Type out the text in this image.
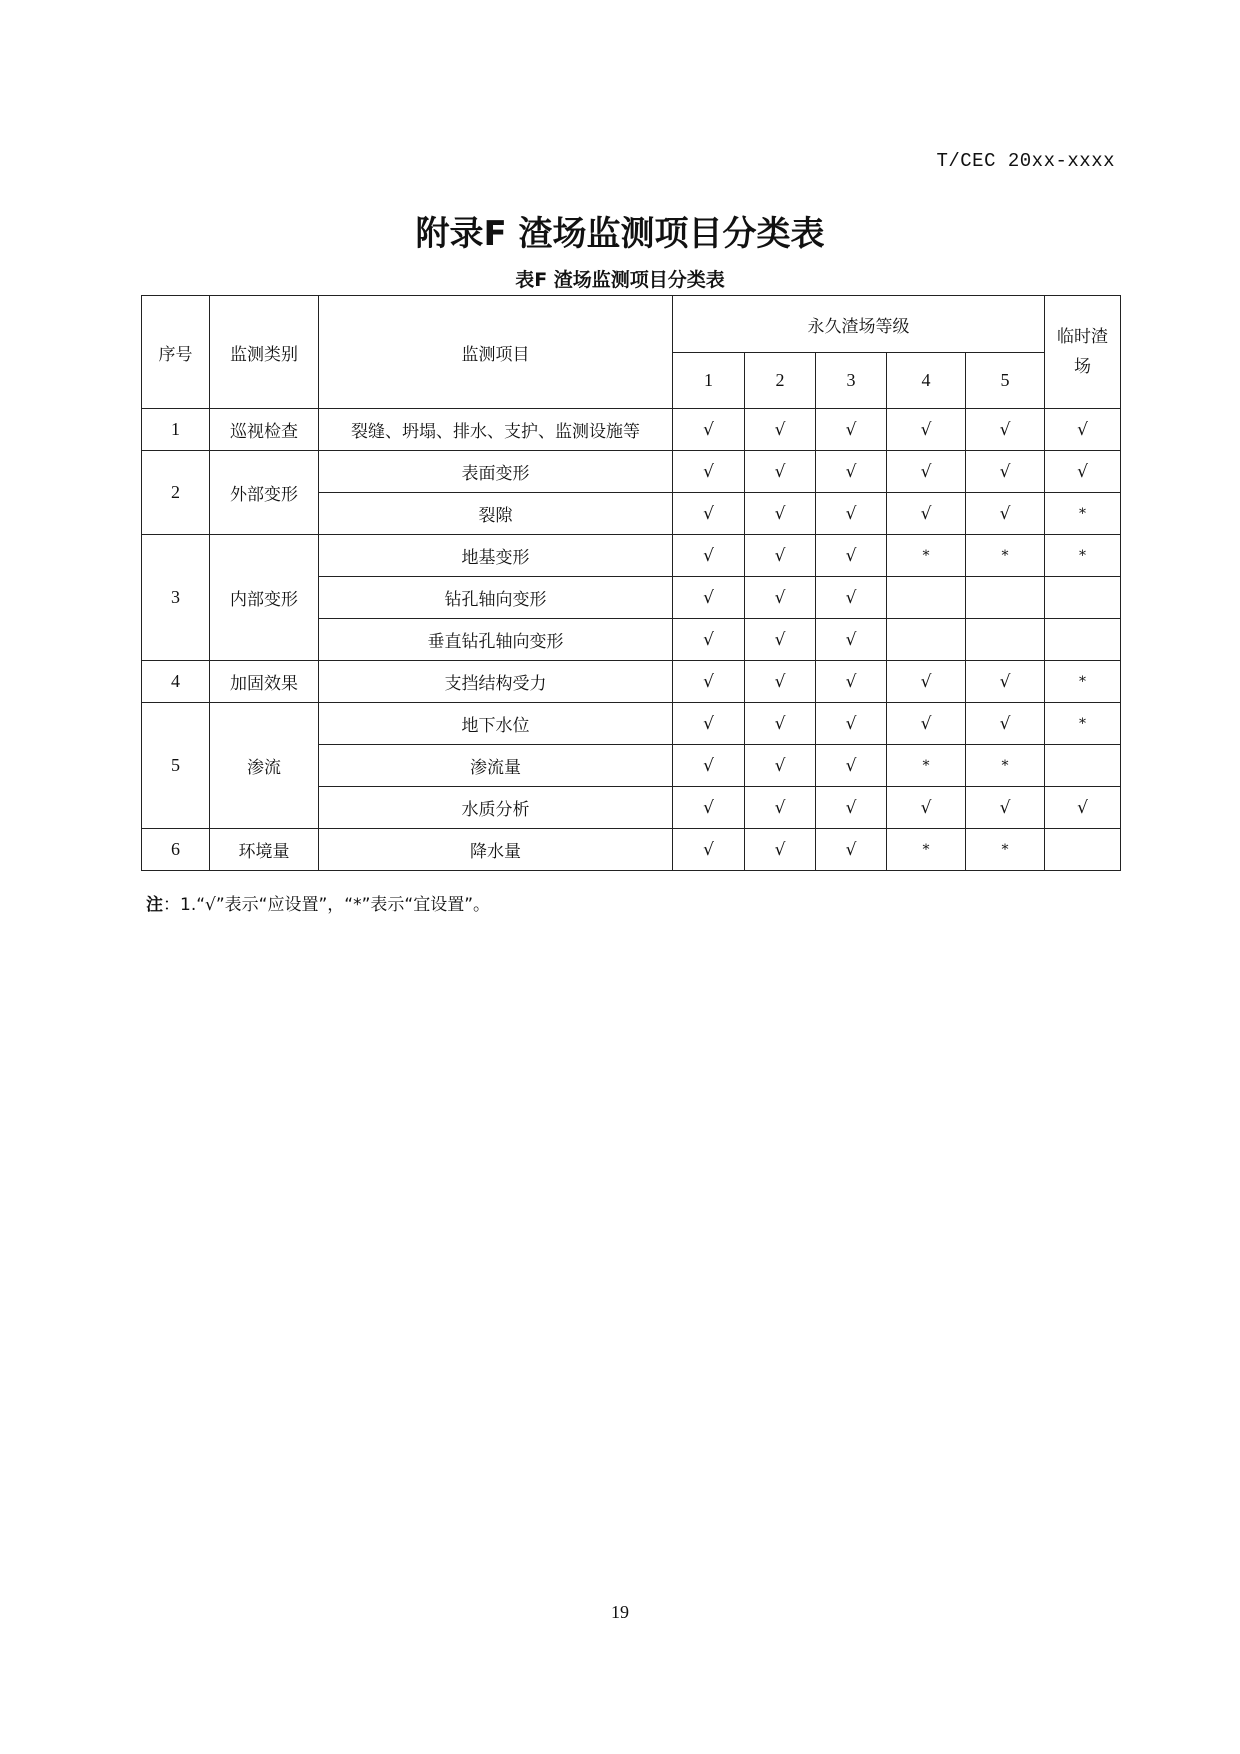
T/CEC 20xx-xxxx
附录F 渣场监测项目分类表
表F 渣场监测项目分类表
序号	监测类别	监测项目	永久渣场等级					临时渣场
			1	2	3	4	5	
1	巡视检查	裂缝、坍塌、排水、支护、监测设施等	√	√	√	√	√	√
2	外部变形	表面变形	√	√	√	√	√	√
		裂隙	√	√	√	√	√	*
3	内部变形	地基变形	√	√	√	*	*	*
		钻孔轴向变形	√	√	√			
		垂直钻孔轴向变形	√	√	√			
4	加固效果	支挡结构受力	√	√	√	√	√	*
5	渗流	地下水位	√	√	√	√	√	*
		渗流量	√	√	√	*	*	
		水质分析	√	√	√	√	√	√
6	环境量	降水量	√	√	√	*	*	
注：1.“√”表示“应设置”，“*”表示“宜设置”。
19
